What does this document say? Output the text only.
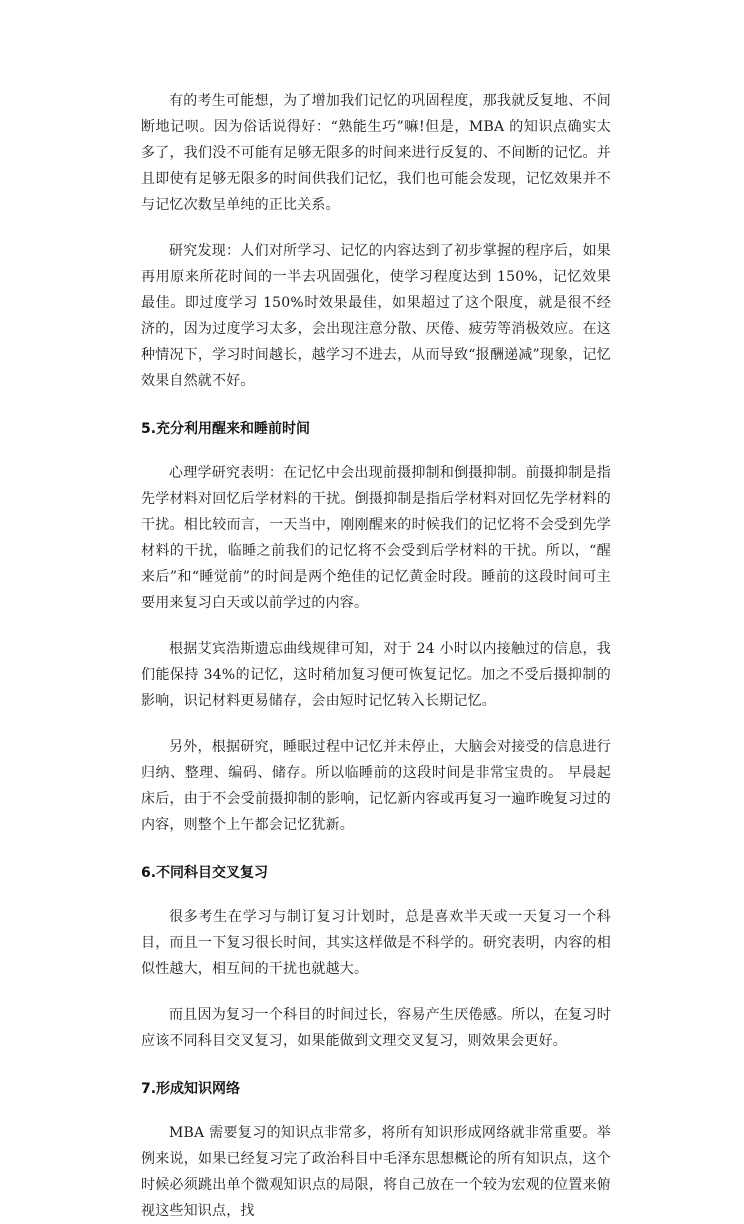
有的考生可能想，为了增加我们记忆的巩固程度，那我就反复地、不间断地记呗。因为俗话说得好：“熟能生巧”嘛!但是，MBA 的知识点确实太多了，我们没不可能有足够无限多的时间来进行反复的、不间断的记忆。并且即使有足够无限多的时间供我们记忆，我们也可能会发现，记忆效果并不与记忆次数呈单纯的正比关系。

研究发现：人们对所学习、记忆的内容达到了初步掌握的程序后，如果再用原来所花时间的一半去巩固强化，使学习程度达到 150%，记忆效果最佳。即过度学习 150%时效果最佳，如果超过了这个限度，就是很不经济的，因为过度学习太多，会出现注意分散、厌倦、疲劳等消极效应。在这种情况下，学习时间越长，越学习不进去，从而导致“报酬递减”现象，记忆效果自然就不好。

5.充分利用醒来和睡前时间

心理学研究表明：在记忆中会出现前摄抑制和倒摄抑制。前摄抑制是指先学材料对回忆后学材料的干扰。倒摄抑制是指后学材料对回忆先学材料的干扰。相比较而言，一天当中，刚刚醒来的时候我们的记忆将不会受到先学材料的干扰，临睡之前我们的记忆将不会受到后学材料的干扰。所以，“醒来后”和“睡觉前”的时间是两个绝佳的记忆黄金时段。睡前的这段时间可主要用来复习白天或以前学过的内容。

根据艾宾浩斯遗忘曲线规律可知，对于 24 小时以内接触过的信息，我们能保持 34%的记忆，这时稍加复习便可恢复记忆。加之不受后摄抑制的影响，识记材料更易储存，会由短时记忆转入长期记忆。

另外，根据研究，睡眠过程中记忆并未停止，大脑会对接受的信息进行归纳、整理、编码、储存。所以临睡前的这段时间是非常宝贵的。 早晨起床后，由于不会受前摄抑制的影响，记忆新内容或再复习一遍昨晚复习过的内容，则整个上午都会记忆犹新。

6.不同科目交叉复习

很多考生在学习与制订复习计划时，总是喜欢半天或一天复习一个科目，而且一下复习很长时间，其实这样做是不科学的。研究表明，内容的相似性越大，相互间的干扰也就越大。

而且因为复习一个科目的时间过长，容易产生厌倦感。所以，在复习时应该不同科目交叉复习，如果能做到文理交叉复习，则效果会更好。

7.形成知识网络

MBA 需要复习的知识点非常多，将所有知识形成网络就非常重要。举例来说，如果已经复习完了政治科目中毛泽东思想概论的所有知识点，这个时候必须跳出单个微观知识点的局限，将自己放在一个较为宏观的位置来俯视这些知识点，找
